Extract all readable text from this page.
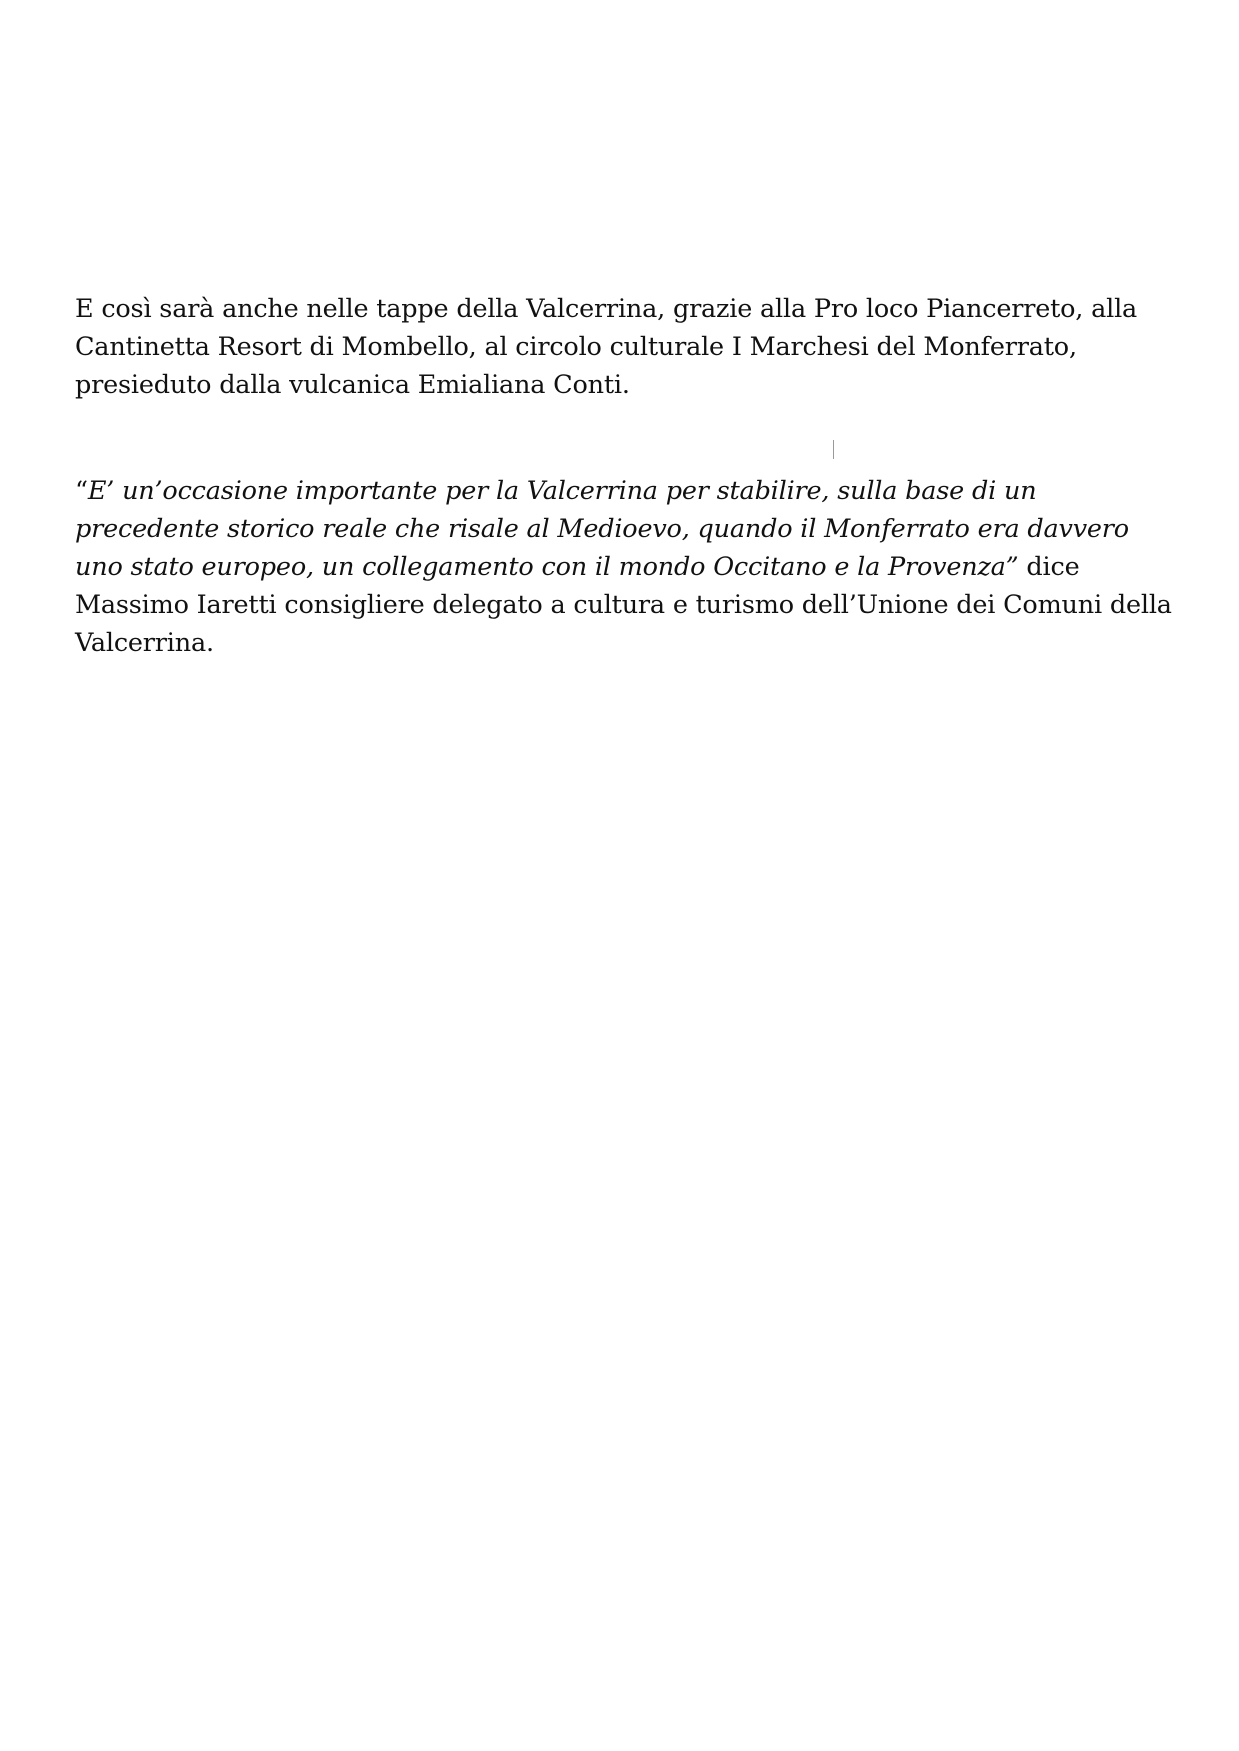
E così sarà anche nelle tappe della Valcerrina, grazie alla Pro loco Piancerreto, alla Cantinetta Resort di Mombello, al circolo culturale I Marchesi del Monferrato, presieduto dalla vulcanica Emialiana Conti.

“E’ un’occasione importante per la Valcerrina per stabilire, sulla base di un precedente storico reale che risale al Medioevo, quando il Monferrato era davvero uno stato europeo, un collegamento con il mondo Occitano e la Provenza” dice Massimo Iaretti consigliere delegato a cultura e turismo dell’Unione dei Comuni della Valcerrina.
